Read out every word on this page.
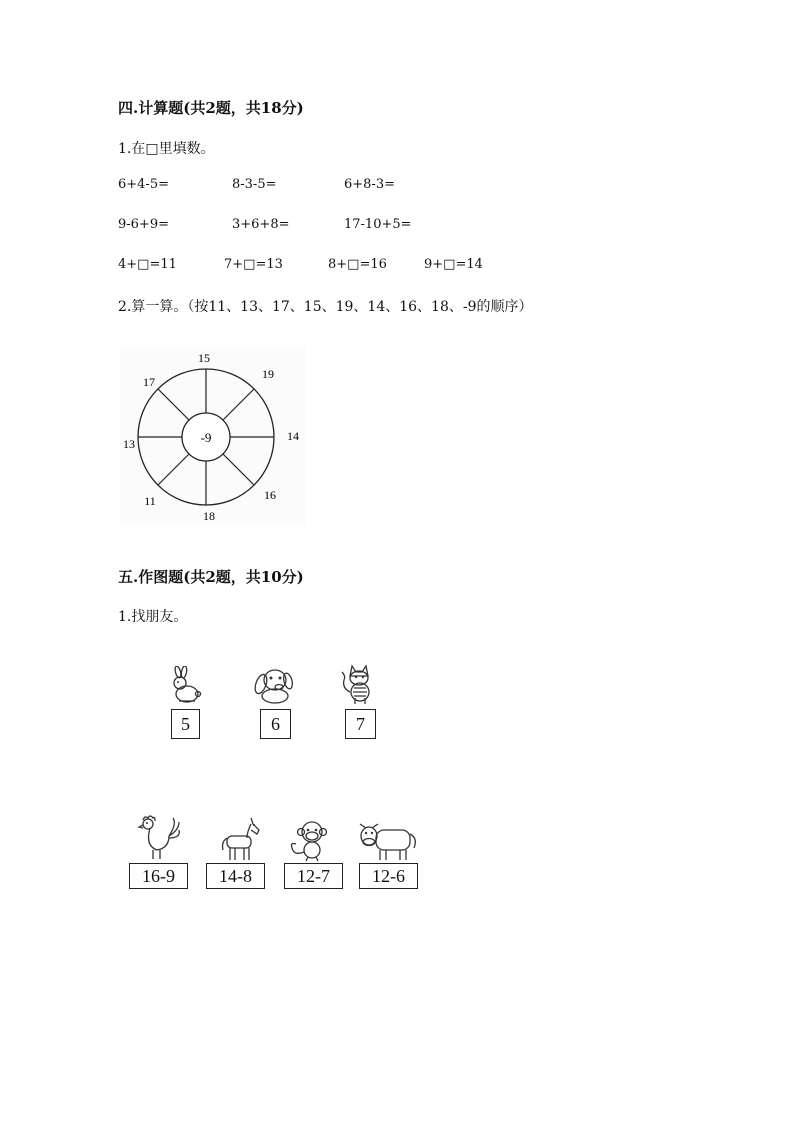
四.计算题(共2题，共18分)
1.在□里填数。
6+4-5=	8-3-5=	6+8-3=
9-6+9=	3+6+8=	17-10+5=
4+□=11	7+□=13	8+□=16	9+□=14
2.算一算。（按11、13、17、15、19、14、16、18、-9的顺序）
-9
15
19
14
16
18
11
13
17
五.作图题(共2题，共10分)
1.找朋友。
5	6	7
16-9	14-8	12-7	12-6
